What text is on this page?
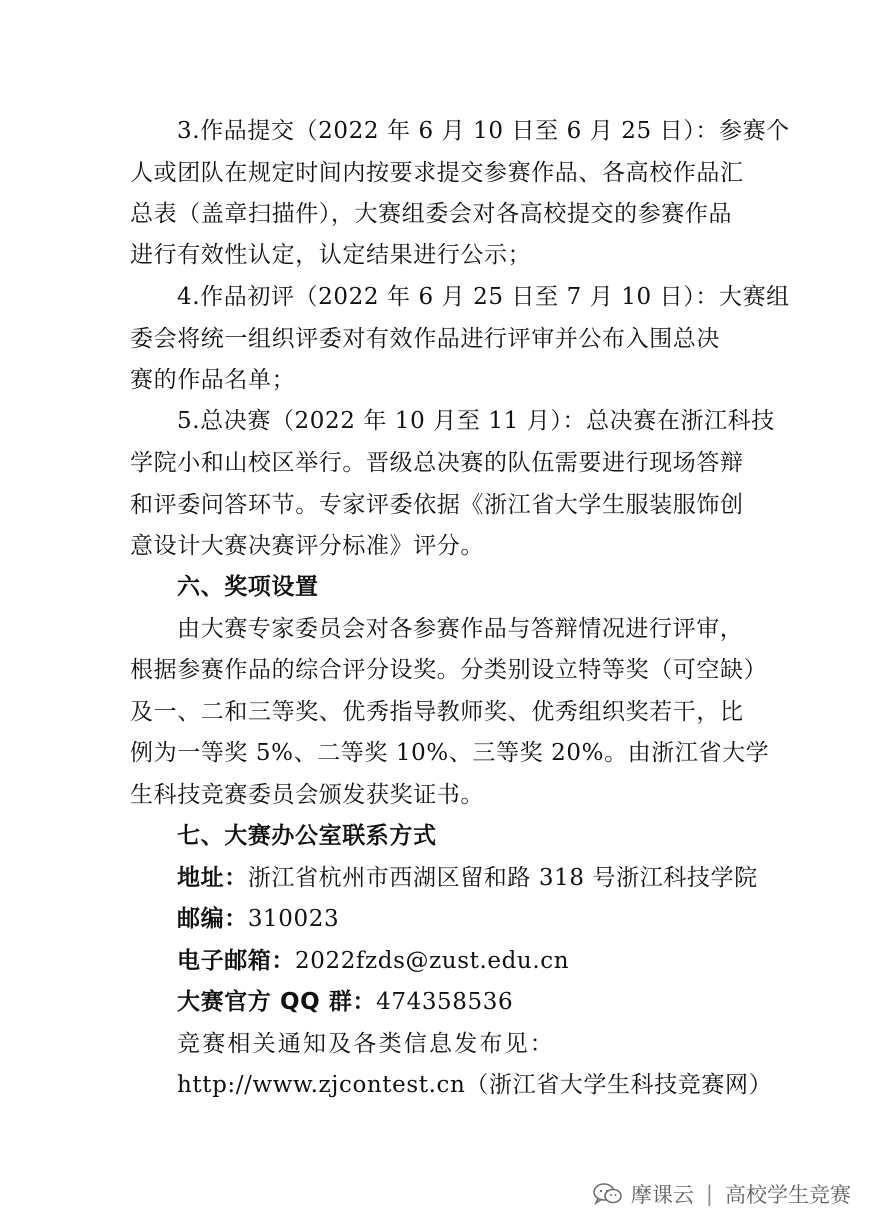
3.作品提交（2022 年 6 月 10 日至 6 月 25 日）：参赛个
人或团队在规定时间内按要求提交参赛作品、各高校作品汇
总表（盖章扫描件），大赛组委会对各高校提交的参赛作品
进行有效性认定，认定结果进行公示；
4.作品初评（2022 年 6 月 25 日至 7 月 10 日）：大赛组
委会将统一组织评委对有效作品进行评审并公布入围总决
赛的作品名单；
5.总决赛（2022 年 10 月至 11 月）：总决赛在浙江科技
学院小和山校区举行。晋级总决赛的队伍需要进行现场答辩
和评委问答环节。专家评委依据《浙江省大学生服装服饰创
意设计大赛决赛评分标准》评分。
六、奖项设置
由大赛专家委员会对各参赛作品与答辩情况进行评审，
根据参赛作品的综合评分设奖。分类别设立特等奖（可空缺）
及一、二和三等奖、优秀指导教师奖、优秀组织奖若干，比
例为一等奖 5%、二等奖 10%、三等奖 20%。由浙江省大学
生科技竞赛委员会颁发获奖证书。
七、大赛办公室联系方式
地址：浙江省杭州市西湖区留和路 318 号浙江科技学院
邮编：310023
电子邮箱：2022fzds@zust.edu.cn
大赛官方 QQ 群：474358536
竞赛相关通知及各类信息发布见：
http://www.zjcontest.cn（浙江省大学生科技竞赛网）
摩课云 | 高校学生竞赛
